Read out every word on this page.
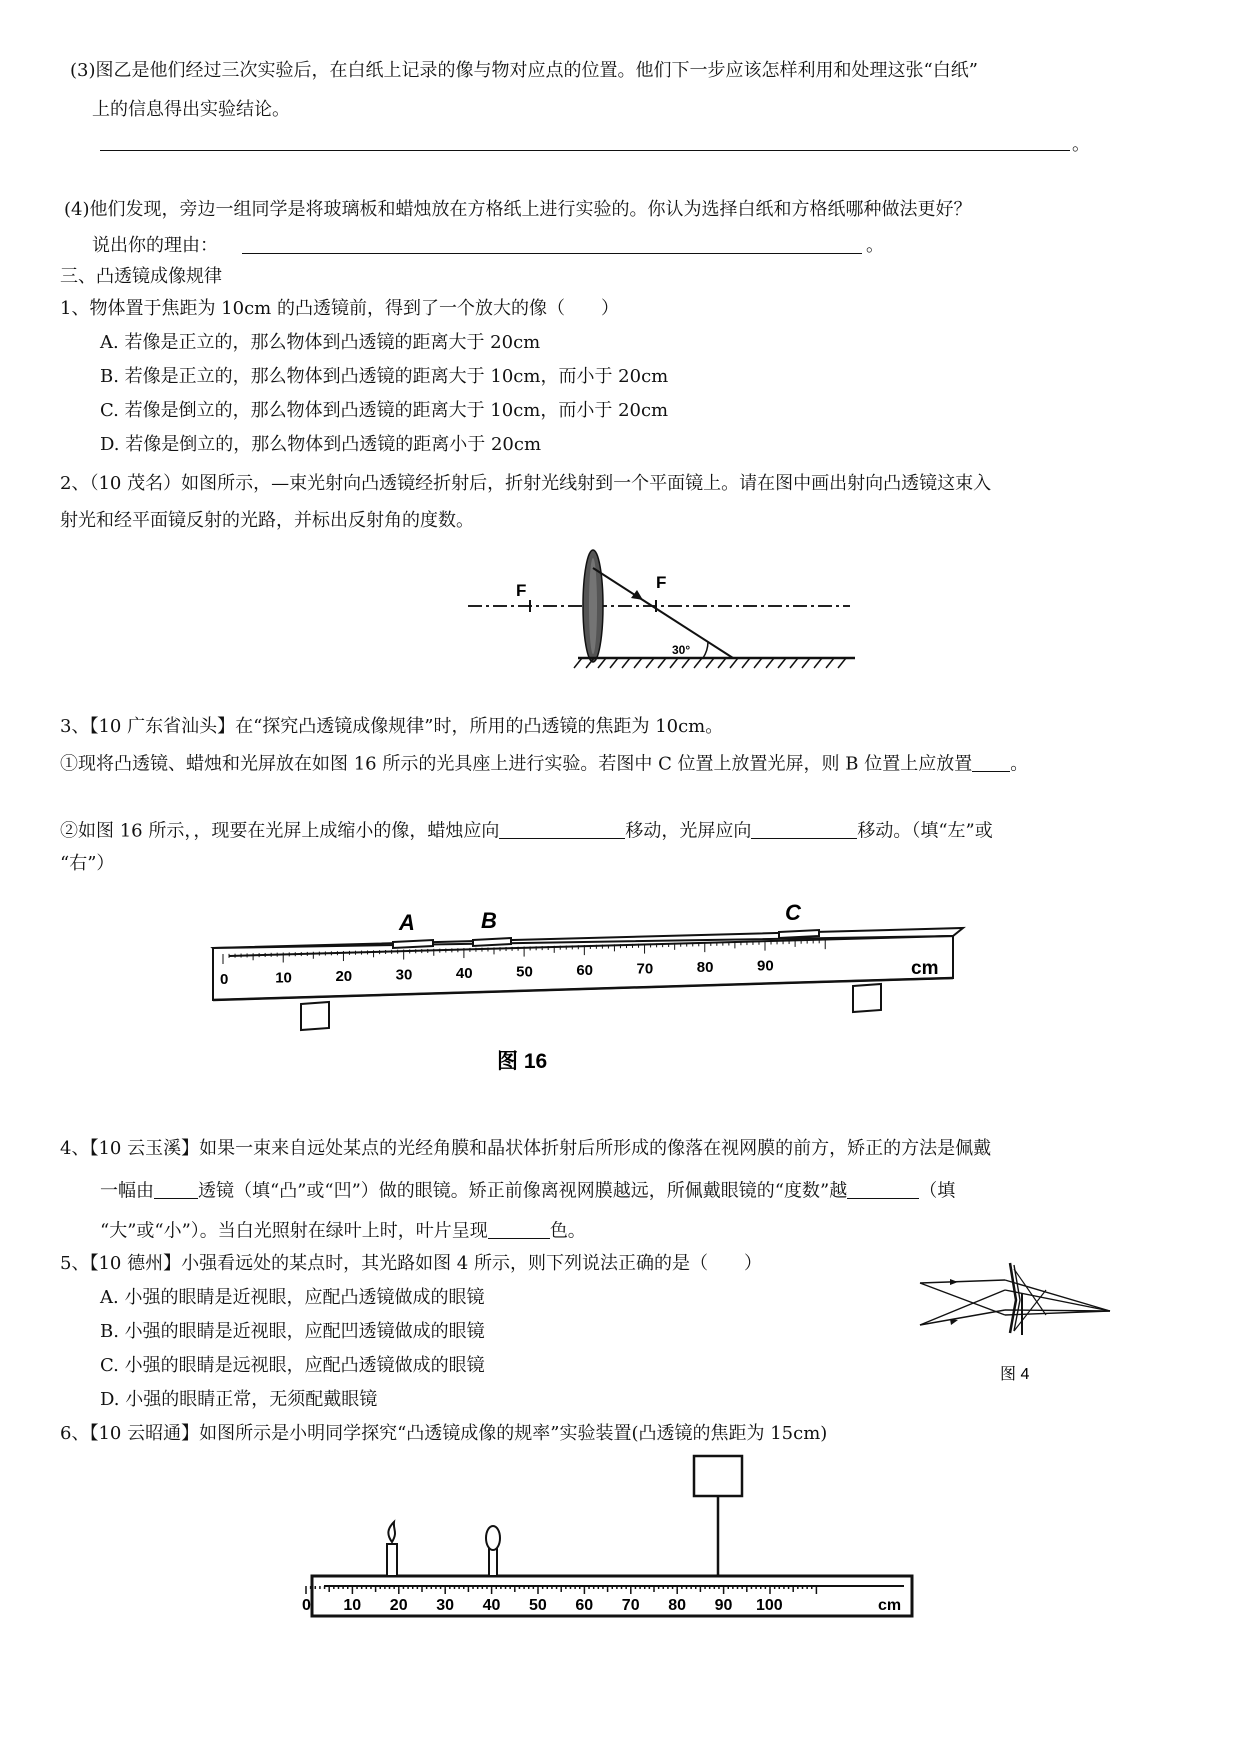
(3)图乙是他们经过三次实验后，在白纸上记录的像与物对应点的位置。他们下一步应该怎样利用和处理这张“白纸”
上的信息得出实验结论。
。
(4)他们发现，旁边一组同学是将玻璃板和蜡烛放在方格纸上进行实验的。你认为选择白纸和方格纸哪种做法更好？
说出你的理由：	。
三、凸透镜成像规律
1、物体置于焦距为 10cm 的凸透镜前，得到了一个放大的像（　　）
A. 若像是正立的，那么物体到凸透镜的距离大于 20cm
B. 若像是正立的，那么物体到凸透镜的距离大于 10cm，而小于 20cm
C. 若像是倒立的，那么物体到凸透镜的距离大于 10cm，而小于 20cm
D. 若像是倒立的，那么物体到凸透镜的距离小于 20cm
2、（10 茂名）如图所示，—束光射向凸透镜经折射后，折射光线射到一个平面镜上。请在图中画出射向凸透镜这束入
射光和经平面镜反射的光路，并标出反射角的度数。
F	F
30°
3、【10 广东省汕头】在“探究凸透镜成像规律”时，所用的凸透镜的焦距为 10cm。
①现将凸透镜、蜡烛和光屏放在如图 16 所示的光具座上进行实验。若图中 C 位置上放置光屏，则 B 位置上应放置 。
②如图 16 所示，，现要在光屏上成缩小的像，蜡烛应向	移动，光屏应向	移动。（填“左”或
“右”）
A	B	C
0	10	20	30	40	50	60	70	80	90	cm
图 16
4、【10 云玉溪】如果一束来自远处某点的光经角膜和晶状体折射后所形成的像落在视网膜的前方，矫正的方法是佩戴
一幅由 透镜（填“凸”或“凹”）做的眼镜。矫正前像离视网膜越远，所佩戴眼镜的“度数”越	（填
“大”或“小”）。当白光照射在绿叶上时，叶片呈现	色。
5、【10 德州】小强看远处的某点时，其光路如图 4 所示，则下列说法正确的是（　　）
A. 小强的眼睛是近视眼，应配凸透镜做成的眼镜
B. 小强的眼睛是近视眼，应配凹透镜做成的眼镜
C. 小强的眼睛是远视眼，应配凸透镜做成的眼镜
D. 小强的眼睛正常，无须配戴眼镜
图 4
6、【10 云昭通】如图所示是小明同学探究“凸透镜成像的规率”实验装置(凸透镜的焦距为 15cm)
0 10 20 30 40 50 60 70 80 90 100	cm
